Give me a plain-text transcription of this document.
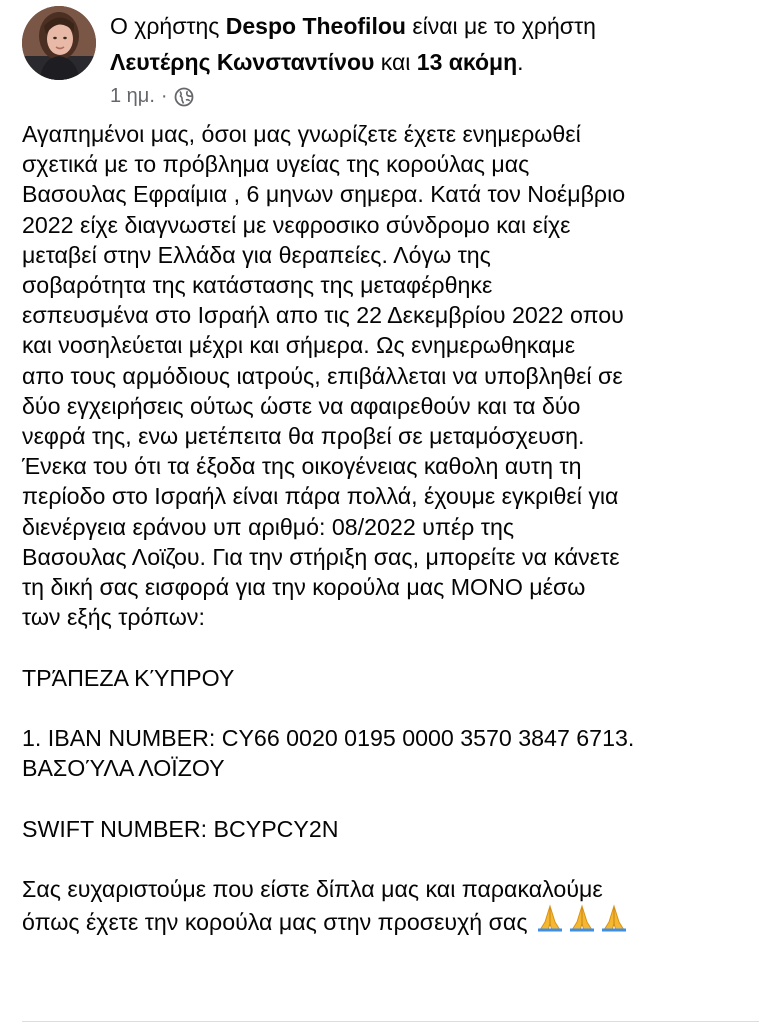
Ο χρήστης Despo Theofilou είναι με το χρήστη
Λευτέρης Κωνσταντίνου και 13 ακόμη.
1 ημ. ·
Αγαπημένοι μας, όσοι μας γνωρίζετε έχετε ενημερωθεί
σχετικά με το πρόβλημα υγείας της κορούλας μας
Βασουλας Εφραίμια , 6 μηνων σημερα. Κατά τον Νοέμβριο
2022 είχε διαγνωστεί με νεφροσικο σύνδρομο και είχε
μεταβεί στην Ελλάδα για θεραπείες. Λόγω της
σοβαρότητα της κατάστασης της μεταφέρθηκε
εσπευσμένα στο Ισραήλ απο τις 22 Δεκεμβρίου 2022 οπου
και νοσηλεύεται μέχρι και σήμερα. Ως ενημερωθηκαμε
απο τους αρμόδιους ιατρούς, επιβάλλεται να υποβληθεί σε
δύο εγχειρήσεις ούτως ώστε να αφαιρεθούν και τα δύο
νεφρά της, ενω μετέπειτα θα προβεί σε μεταμόσχευση.
Ένεκα του ότι τα έξοδα της οικογένειας καθολη αυτη τη
περίοδο στο Ισραήλ είναι πάρα πολλά, έχουμε εγκριθεί για
διενέργεια εράνου υπ αριθμό: 08/2022 υπέρ της
Βασουλας Λοϊζου. Για την στήριξη σας, μπορείτε να κάνετε
τη δική σας εισφορά για την κορούλα μας ΜΟΝΟ μέσω
των εξής τρόπων:
ΤΡΆΠΕΖΑ ΚΎΠΡΟΥ
1. IBAN NUMBER: CY66 0020 0195 0000 3570 3847 6713.
ΒΑΣΟΎΛΑ ΛΟΪΖΟΥ
SWIFT NUMBER: BCYPCY2N
Σας ευχαριστούμε που είστε δίπλα μας και παρακαλούμε
όπως έχετε την κορούλα μας στην προσευχή σας
